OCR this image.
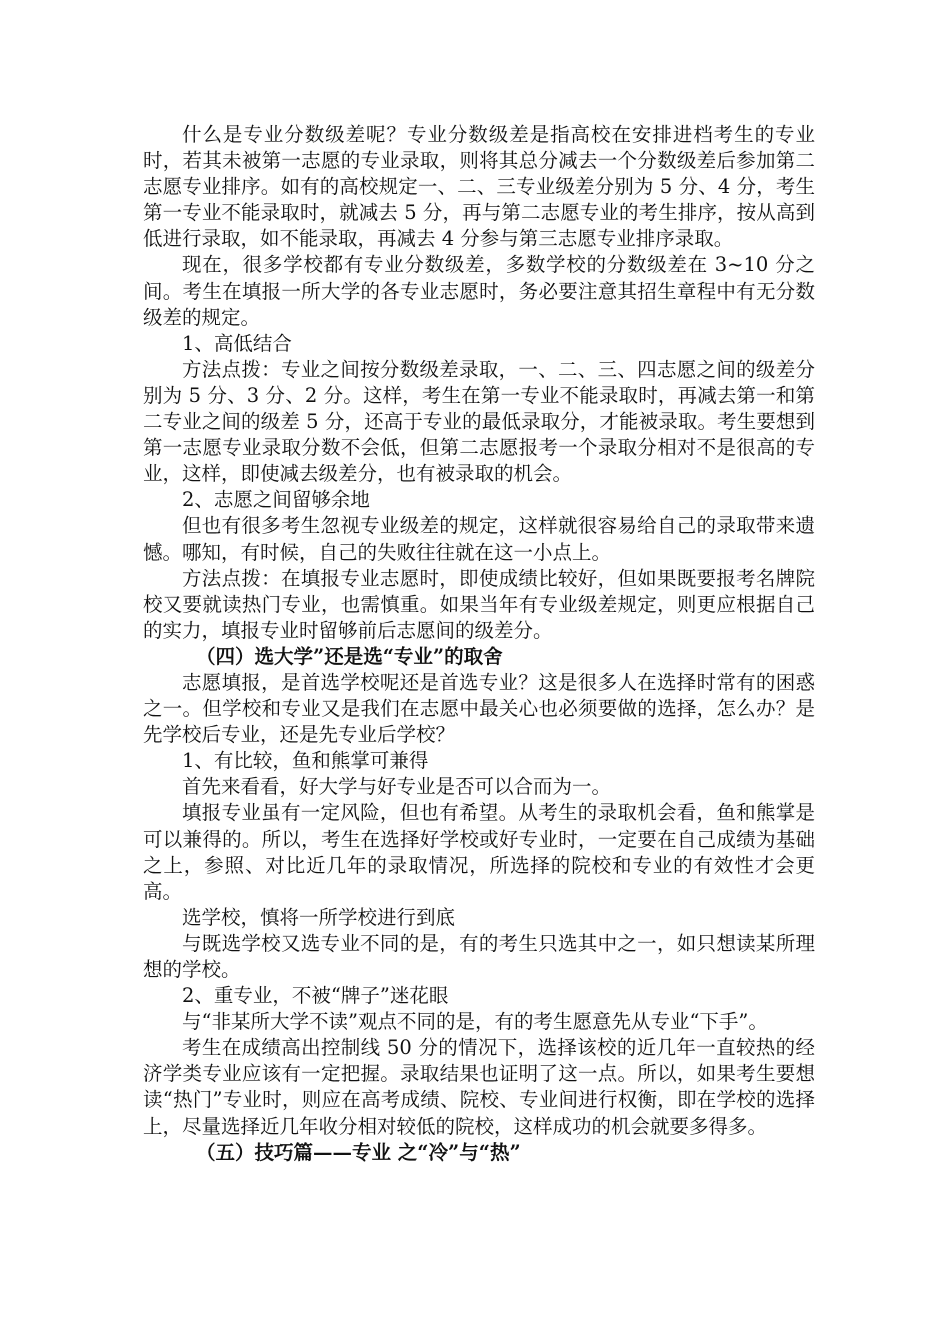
什么是专业分数级差呢？专业分数级差是指高校在安排进档考生的专业时，若其未被第一志愿的专业录取，则将其总分减去一个分数级差后参加第二志愿专业排序。如有的高校规定一、二、三专业级差分别为 5 分、4 分，考生第一专业不能录取时，就减去 5 分，再与第二志愿专业的考生排序，按从高到低进行录取，如不能录取，再减去 4 分参与第三志愿专业排序录取。

现在，很多学校都有专业分数级差，多数学校的分数级差在 3~10 分之间。考生在填报一所大学的各专业志愿时，务必要注意其招生章程中有无分数级差的规定。

1、高低结合

方法点拨：专业之间按分数级差录取，一、二、三、四志愿之间的级差分别为 5 分、3 分、2 分。这样，考生在第一专业不能录取时，再减去第一和第二专业之间的级差 5 分，还高于专业的最低录取分，才能被录取。考生要想到第一志愿专业录取分数不会低，但第二志愿报考一个录取分相对不是很高的专业，这样，即使减去级差分，也有被录取的机会。

2、志愿之间留够余地

但也有很多考生忽视专业级差的规定，这样就很容易给自己的录取带来遗憾。哪知，有时候，自己的失败往往就在这一小点上。

方法点拨：在填报专业志愿时，即使成绩比较好，但如果既要报考名牌院校又要就读热门专业，也需慎重。如果当年有专业级差规定，则更应根据自己的实力，填报专业时留够前后志愿间的级差分。

（四）选大学”还是选“专业”的取舍

志愿填报，是首选学校呢还是首选专业？这是很多人在选择时常有的困惑之一。但学校和专业又是我们在志愿中最关心也必须要做的选择，怎么办？是先学校后专业，还是先专业后学校？

1、有比较，鱼和熊掌可兼得

首先来看看，好大学与好专业是否可以合而为一。

填报专业虽有一定风险，但也有希望。从考生的录取机会看，鱼和熊掌是可以兼得的。所以，考生在选择好学校或好专业时，一定要在自己成绩为基础之上，参照、对比近几年的录取情况，所选择的院校和专业的有效性才会更高。

选学校，慎将一所学校进行到底

与既选学校又选专业不同的是，有的考生只选其中之一，如只想读某所理想的学校。

2、重专业，不被“牌子”迷花眼

与“非某所大学不读”观点不同的是，有的考生愿意先从专业“下手”。

考生在成绩高出控制线 50 分的情况下，选择该校的近几年一直较热的经济学类专业应该有一定把握。录取结果也证明了这一点。所以，如果考生要想读“热门”专业时，则应在高考成绩、院校、专业间进行权衡，即在学校的选择上，尽量选择近几年收分相对较低的院校，这样成功的机会就要多得多。

（五）技巧篇——专业 之“冷”与“热”
